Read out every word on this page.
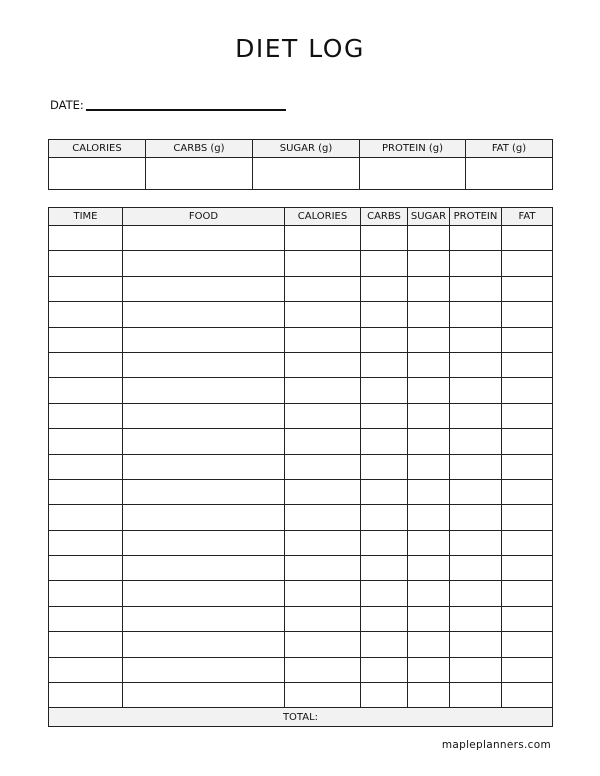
DIET LOG
DATE:
CALORIES	CARBS (g)	SUGAR (g)	PROTEIN (g)	FAT (g)

TIME	FOOD	CALORIES	CARBS	SUGAR	PROTEIN	FAT

TOTAL:						
mapleplanners.com
